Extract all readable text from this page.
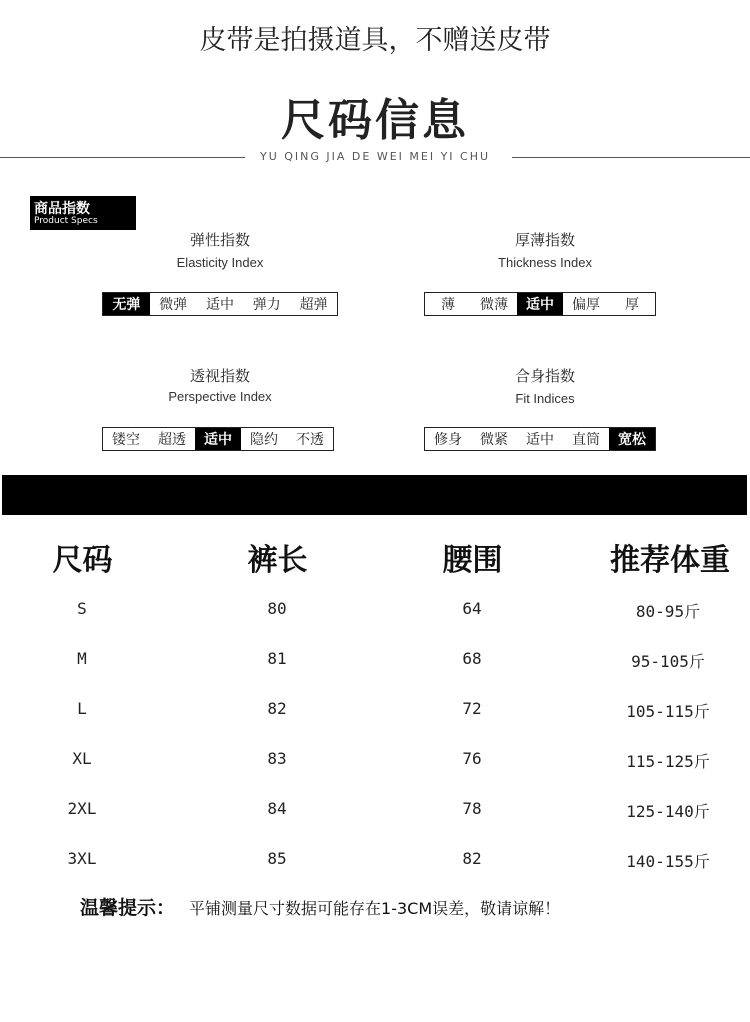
皮带是拍摄道具，不赠送皮带
尺码信息
YU QING JIA DE WEI MEI YI CHU
商品指数
Product Specs
弹性指数
Elasticity Index
无弹	微弹	适中	弹力	超弹
厚薄指数
Thickness Index
薄	微薄	适中	偏厚	厚
透视指数
Perspective Index
镂空	超透	适中	隐约	不透
合身指数
Fit Indices
修身	微紧	适中	直筒	宽松
尺码	裤长	腰围	推荐体重
S	80	64	80-95斤
M	81	68	95-105斤
L	82	72	105-115斤
XL	83	76	115-125斤
2XL	84	78	125-140斤
3XL	85	82	140-155斤
温馨提示： 平铺测量尺寸数据可能存在1-3CM误差，敬请谅解！
